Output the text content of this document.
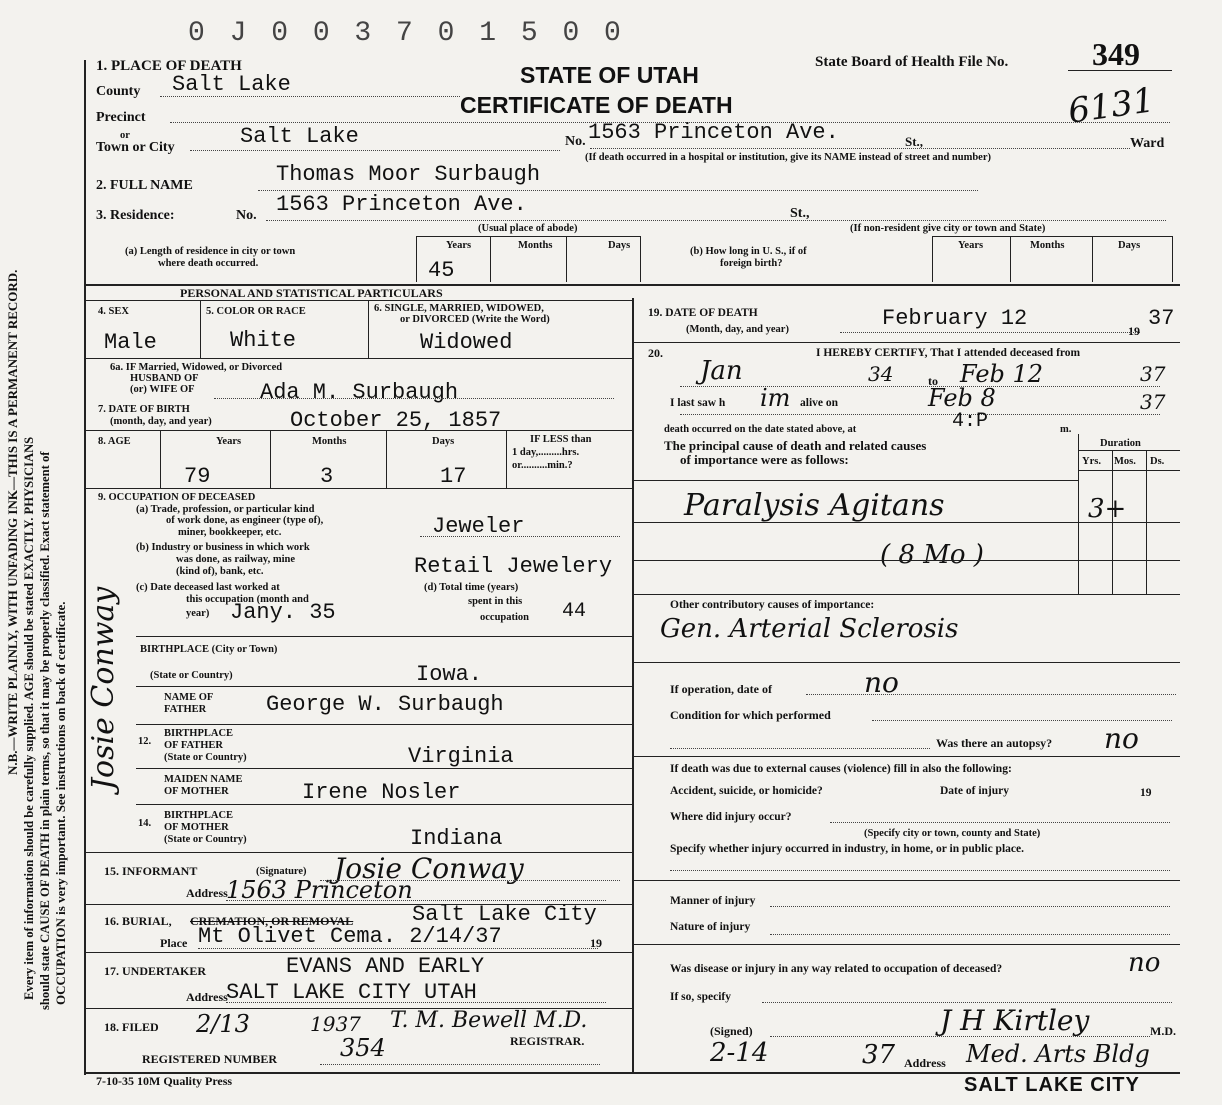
N.B.—WRITE PLAINLY, WITH UNFADING INK—THIS IS A PERMANENT RECORD. Every item of information should be carefully supplied. AGE should be stated EXACTLY. PHYSICIANS should state CAUSE OF DEATH in plain terms, so that it may be properly classified. Exact statement of OCCUPATION is very important. See instructions on back of certificate. Josie Conway
0 J 0 0 3 7 0 1 5 0 0
STATE OF UTAH
CERTIFICATE OF DEATH
State Board of Health File No.	349
6131
1. PLACE OF DEATH
County Salt Lake
Precinct
or
Town or City	Salt Lake	No. 1563 Princeton Ave.	St.,	Ward
(If death occurred in a hospital or institution, give its NAME instead of street and number)
2. FULL NAME	Thomas Moor Surbaugh
3. Residence:	No. 1563 Princeton Ave.	St.,
(Usual place of abode)	(If non-resident give city or town and State)
(a) Length of residence in city or town
where death occurred.
Years	Months	Days
45
Years	Months	Days
(b) How long in U. S., if of
foreign birth?
PERSONAL AND STATISTICAL PARTICULARS
4. SEX
Male
5. COLOR OR RACE
White
6. SINGLE, MARRIED, WIDOWED,
or DIVORCED (Write the Word)
Widowed
6a. IF Married, Widowed, or Divorced
HUSBAND OF
(or) WIFE OF	Ada M. Surbaugh
7. DATE OF BIRTH
(month, day, and year)	October 25, 1857
8. AGE	Years	Months	Days
79	3	17
IF LESS than
1 day,.........hrs.
or..........min.?
9. OCCUPATION OF DECEASED
(a) Trade, profession, or particular kind
of work done, as engineer (type of),
miner, bookkeeper, etc.	Jeweler
(b) Industry or business in which work
was done, as railway, mine
(kind of), bank, etc.	Retail Jewelery
(c) Date deceased last worked at
this occupation (month and
year) Jany. 35
(d) Total time (years)
spent in this
occupation 44
BIRTHPLACE (City or Town)
(State or Country)	Iowa.
NAME OF
FATHER	George W. Surbaugh
12.
BIRTHPLACE
OF FATHER
(State or Country)	Virginia
MAIDEN NAME
OF MOTHER	Irene Nosler
14.
BIRTHPLACE
OF MOTHER
(State or Country)	Indiana
15. INFORMANT	(Signature) Josie Conway
Address
1563 Princeton
16. BURIAL, CREMATION, OR REMOVAL	Salt Lake City
Place Mt Olivet Cema. 2/14/37	19
17. UNDERTAKER	EVANS AND EARLY
Address
SALT LAKE CITY UTAH
18. FILED 2/13	1937 T. M. Bewell M.D.
REGISTRAR.
REGISTERED NUMBER	354
19. DATE OF DEATH
(Month, day, and year)	February 12	19 37
20.	I HEREBY CERTIFY, That I attended deceased from
Jan	34	to Feb 12	37
I last saw h im alive on	Feb 8	37
death occurred on the date stated above, at	4:P	m.
The principal cause of death and related causes
of importance were as follows:
Duration
Yrs. Mos. Ds.
Paralysis Agitans	3+
( 8 Mo )
Other contributory causes of importance:
Gen. Arterial Sclerosis
If operation, date of	no
Condition for which performed
Was there an autopsy? no
If death was due to external causes (violence) fill in also the following:
Accident, suicide, or homicide?	Date of injury	19
Where did injury occur?
(Specify city or town, county and State)
Specify whether injury occurred in industry, in home, or in public place.
Manner of injury
Nature of injury
Was disease or injury in any way related to occupation of deceased?	no
If so, specify
(Signed)	J H Kirtley	M.D.
2-14	37 Address Med. Arts Bldg
SALT LAKE CITY
7-10-35 10M Quality Press
